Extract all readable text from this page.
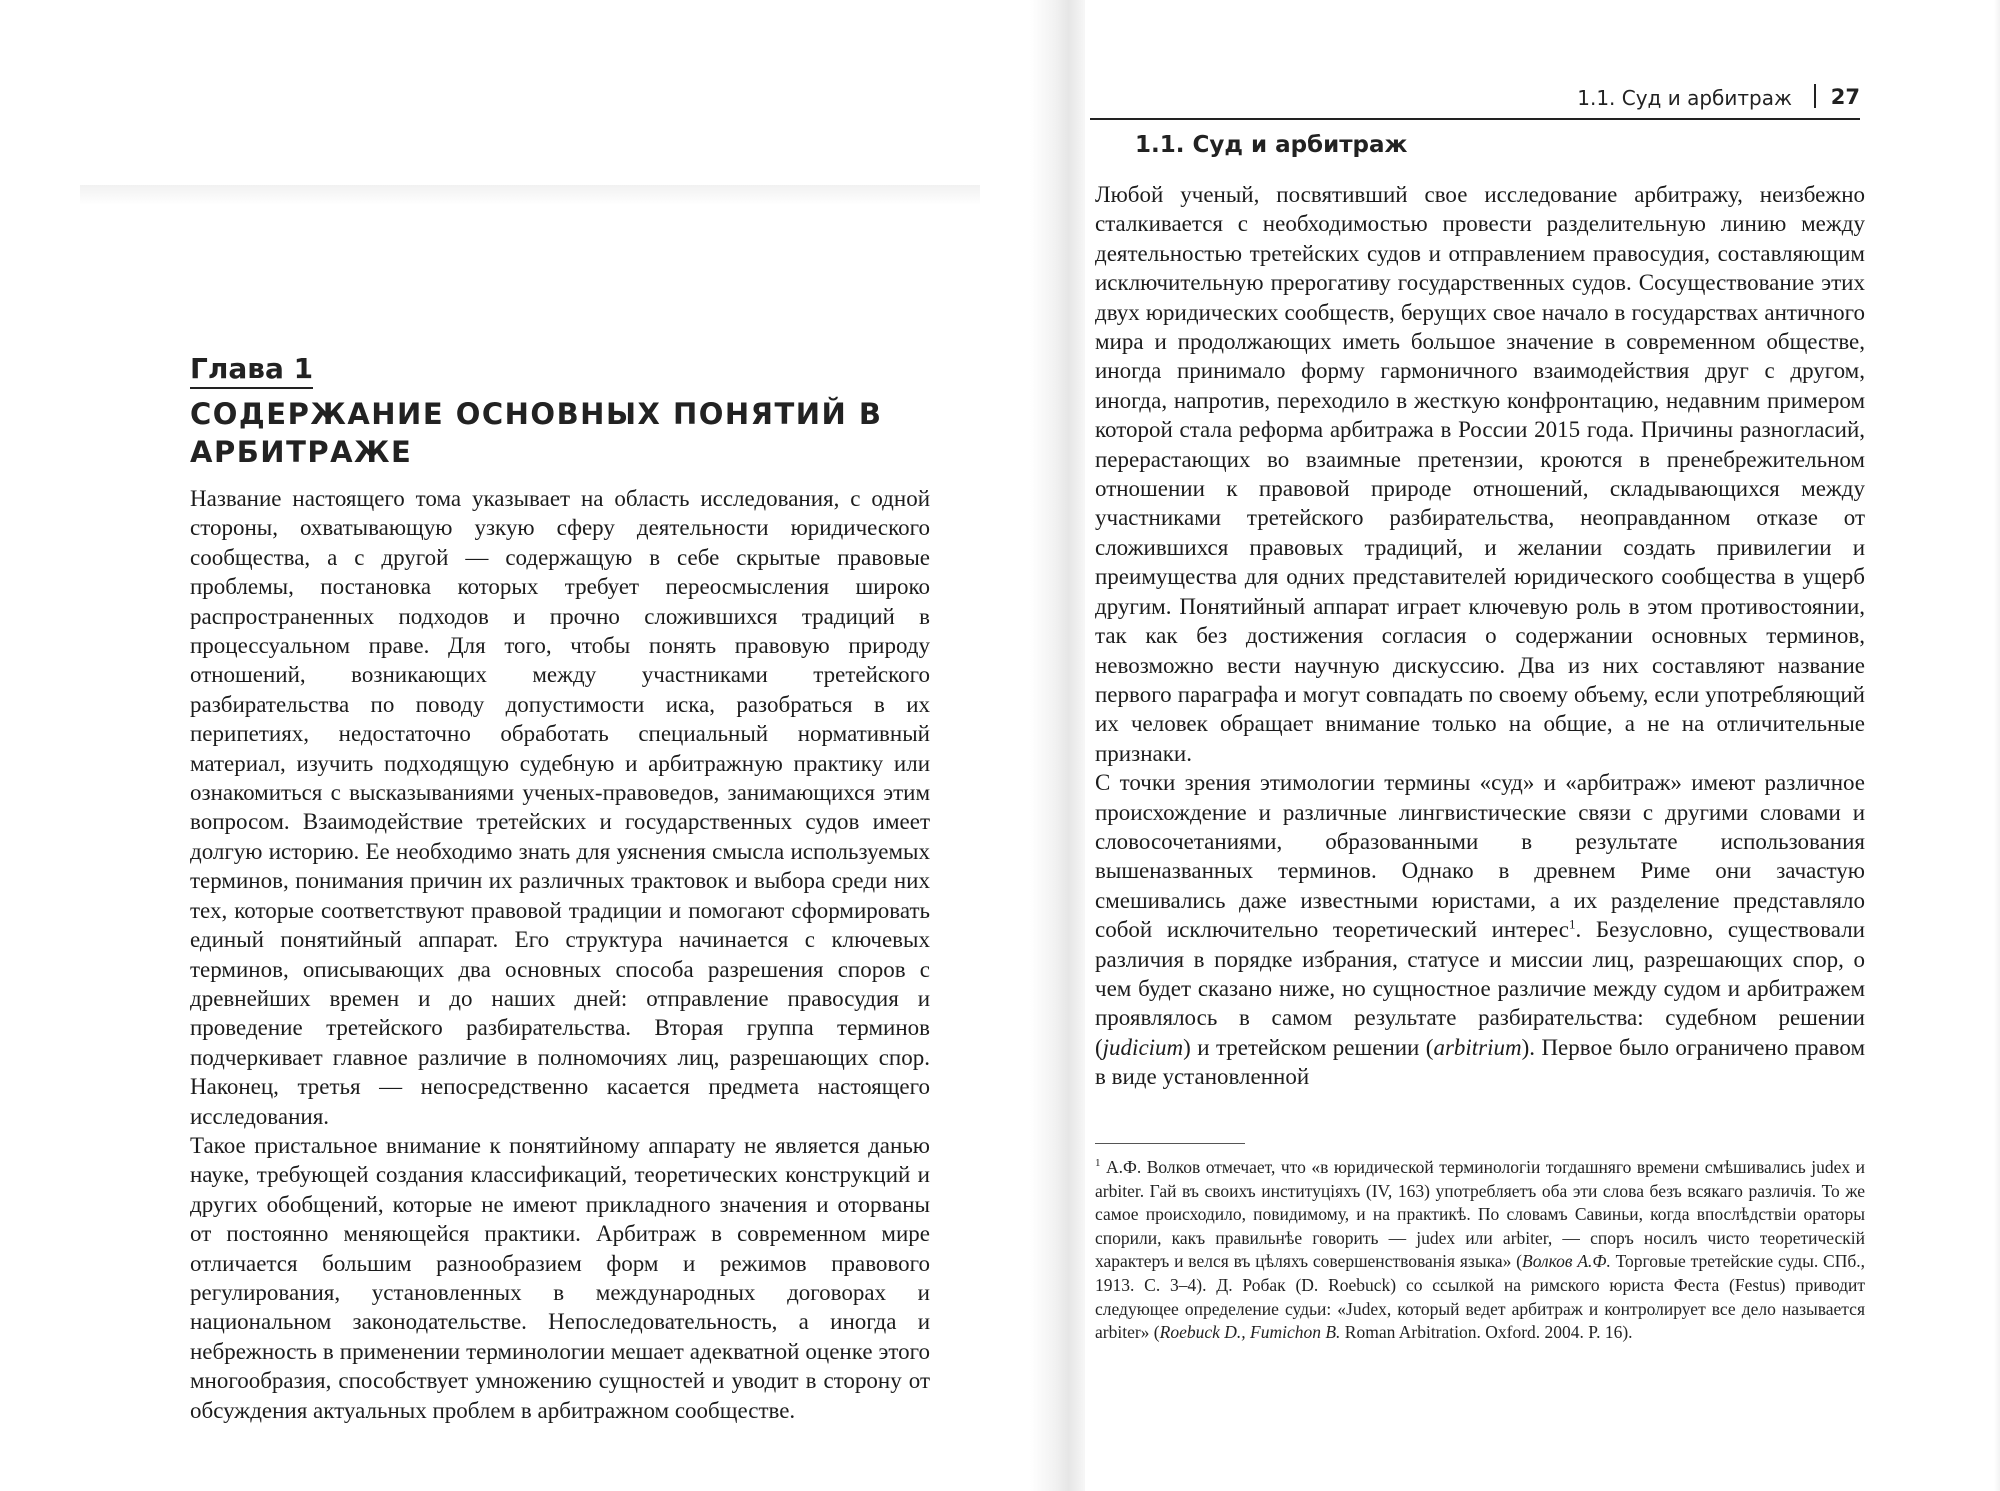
Глава 1
СОДЕРЖАНИЕ ОСНОВНЫХ ПОНЯТИЙ В АРБИТРАЖЕ

Название настоящего тома указывает на область исследования, с одной стороны, охватывающую узкую сферу деятельности юридического сообщества, а с другой — содержащую в себе скрытые правовые проблемы, постановка которых требует переосмысления широко распространенных подходов и прочно сложившихся традиций в процессуальном праве. Для того, чтобы понять правовую природу отношений, возникающих между участниками третейского разбирательства по поводу допустимости иска, разобраться в их перипетиях, недостаточно обработать специальный нормативный материал, изучить подходящую судебную и арбитражную практику или ознакомиться с высказываниями ученых-правоведов, занимающихся этим вопросом. Взаимодействие третейских и государственных судов имеет долгую историю. Ее необходимо знать для уяснения смысла используемых терминов, понимания причин их различных трактовок и выбора среди них тех, которые соответствуют правовой традиции и помогают сформировать единый понятийный аппарат. Его структура начинается с ключевых терминов, описывающих два основных способа разрешения споров с древнейших времен и до наших дней: отправление правосудия и проведение третейского разбирательства. Вторая группа терминов подчеркивает главное различие в полномочиях лиц, разрешающих спор. Наконец, третья — непосредственно касается предмета настоящего исследования.

Такое пристальное внимание к понятийному аппарату не является данью науке, требующей создания классификаций, теоретических конструкций и других обобщений, которые не имеют прикладного значения и оторваны от постоянно меняющейся практики. Арбитраж в современном мире отличается большим разнообразием форм и режимов правового регулирования, установленных в международных договорах и национальном законодательстве. Непоследовательность, а иногда и небрежность в применении терминологии мешает адекватной оценке этого многообразия, способствует умножению сущностей и уводит в сторону от обсуждения актуальных проблем в арбитражном сообществе.

1.1. Суд и арбитраж 27
1.1. Суд и арбитраж

Любой ученый, посвятивший свое исследование арбитражу, неизбежно сталкивается с необходимостью провести разделительную линию между деятельностью третейских судов и отправлением правосудия, составляющим исключительную прерогативу государственных судов. Сосуществование этих двух юридических сообществ, берущих свое начало в государствах античного мира и продолжающих иметь большое значение в современном обществе, иногда принимало форму гармоничного взаимодействия друг с другом, иногда, напротив, переходило в жесткую конфронтацию, недавним примером которой стала реформа арбитража в России 2015 года. Причины разногласий, перерастающих во взаимные претензии, кроются в пренебрежительном отношении к правовой природе отношений, складывающихся между участниками третейского разбирательства, неоправданном отказе от сложившихся правовых традиций, и желании создать привилегии и преимущества для одних представителей юридического сообщества в ущерб другим. Понятийный аппарат играет ключевую роль в этом противостоянии, так как без достижения согласия о содержании основных терминов, невозможно вести научную дискуссию. Два из них составляют название первого параграфа и могут совпадать по своему объему, если употребляющий их человек обращает внимание только на общие, а не на отличительные признаки.

С точки зрения этимологии термины «суд» и «арбитраж» имеют различное происхождение и различные лингвистические связи с другими словами и словосочетаниями, образованными в результате использования вышеназванных терминов. Однако в древнем Риме они зачастую смешивались даже известными юристами, а их разделение представляло собой исключительно теоретический интерес$^1$. Безусловно, существовали различия в порядке избрания, статусе и миссии лиц, разрешающих спор, о чем будет сказано ниже, но сущностное различие между судом и арбитражем проявлялось в самом результате разбирательства: судебном решении (judicium) и третейском решении (arbitrium). Первое было ограничено правом в виде установленной

$^1$ А.Ф. Волков отмечает, что «в юридической терминологіи тогдашняго времени смѣшивались judex и arbiter. Гай въ своихъ институціяхъ (IV, 163) употребляетъ оба эти слова безъ всякаго различія. То же самое происходило, повидимому, и на практикѣ. По словамъ Савиньи, когда впослѣдствіи ораторы спорили, какъ правильнѣе говорить — judex или arbiter, — споръ носилъ чисто теоретическій характеръ и велся въ цѣляхъ совершенствованія языка» (Волков А.Ф. Торговые третейские суды. СПб., 1913. С. 3–4). Д. Робак (D. Roebuck) со ссылкой на римского юриста Феста (Festus) приводит следующее определение судьи: «Judex, который ведет арбитраж и контролирует все дело называется arbiter» (Roebuck D., Fumichon B. Roman Arbitration. Oxford. 2004. P. 16).
